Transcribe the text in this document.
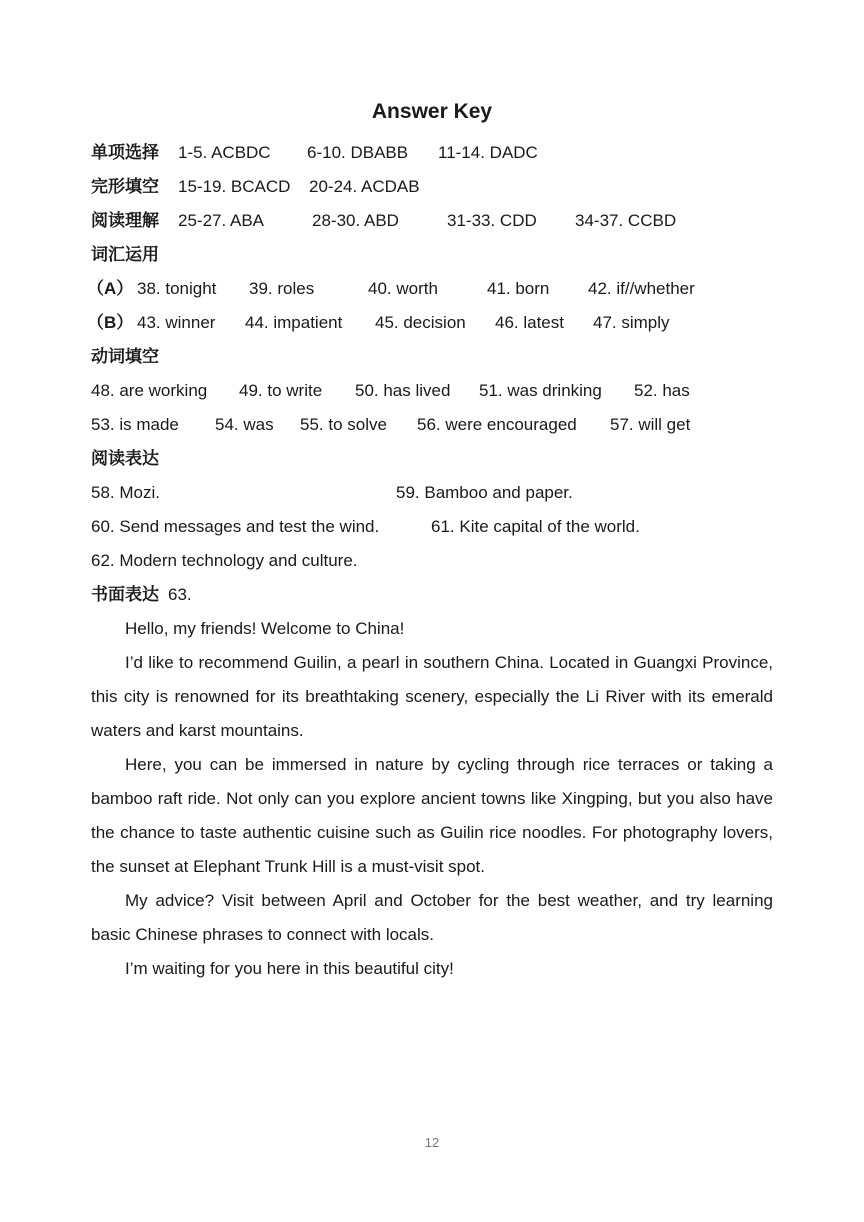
Answer Key
单项选择 1-5. ACBDC 6-10. DBABB 11-14. DADC
完形填空 15-19. BCACD 20-24. ACDAB
阅读理解 25-27. ABA	28-30. ABD	31-33. CDD 34-37. CCBD
词汇运用
（A） 38. tonight 39. roles	40. worth	41. born 42. if//whether
（B） 43. winner 44. impatient 45. decision 46. latest 47. simply
动词填空
48. are working 49. to write 50. has lived 51. was drinking 52. has
53. is made 54. was 55. to solve 56. were encouraged 57. will get
阅读表达
58. Mozi.	59. Bamboo and paper.
60. Send messages and test the wind.	61. Kite capital of the world.
62. Modern technology and culture.
书面表达 63.

Hello, my friends! Welcome to China!

I’d like to recommend Guilin, a pearl in southern China. Located in Guangxi Province, this city is renowned for its breathtaking scenery, especially the Li River with its emerald waters and karst mountains.

Here, you can be immersed in nature by cycling through rice terraces or taking a bamboo raft ride. Not only can you explore ancient towns like Xingping, but you also have the chance to taste authentic cuisine such as Guilin rice noodles. For photography lovers, the sunset at Elephant Trunk Hill is a must-visit spot.

My advice? Visit between April and October for the best weather, and try learning basic Chinese phrases to connect with locals.

I’m waiting for you here in this beautiful city!

12
